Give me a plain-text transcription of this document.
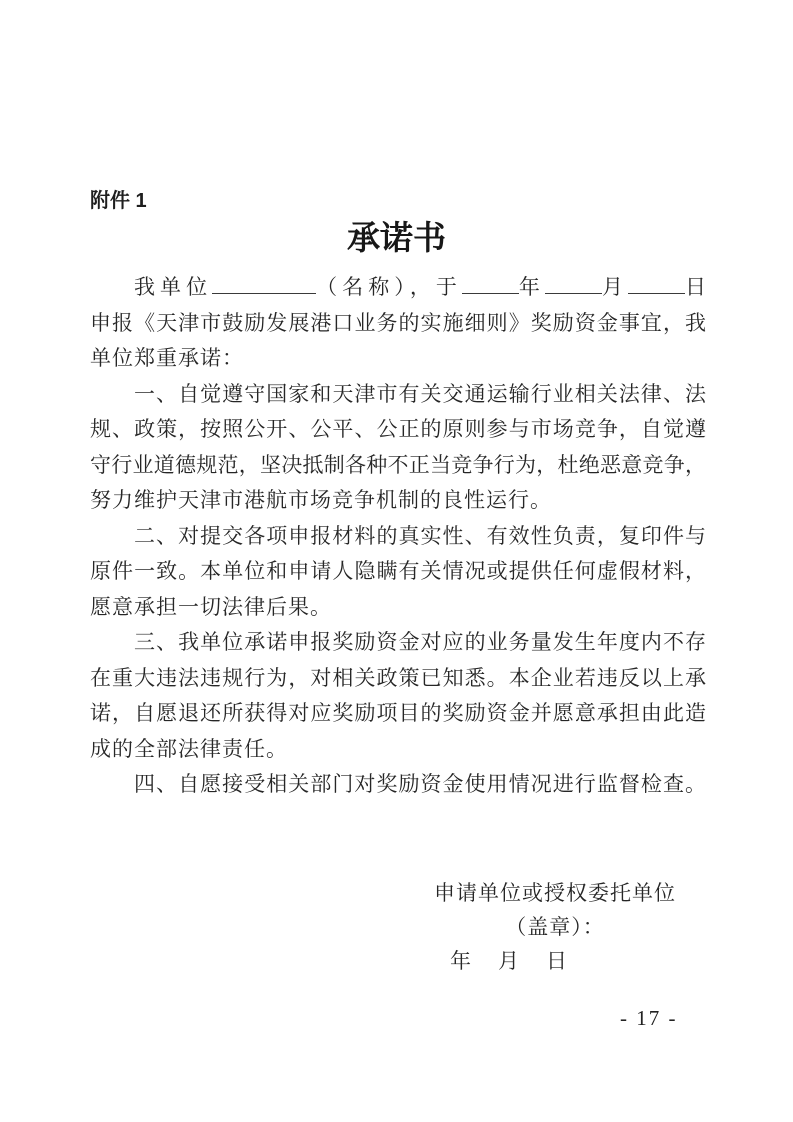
附件 1
承诺书
我单位	（名称），于	年	月	日
申报《天津市鼓励发展港口业务的实施细则》奖励资金事宜，我
单位郑重承诺：
一、自觉遵守国家和天津市有关交通运输行业相关法律、法
规、政策，按照公开、公平、公正的原则参与市场竞争，自觉遵
守行业道德规范，坚决抵制各种不正当竞争行为，杜绝恶意竞争，
努力维护天津市港航市场竞争机制的良性运行。
二、对提交各项申报材料的真实性、有效性负责，复印件与
原件一致。本单位和申请人隐瞒有关情况或提供任何虚假材料，
愿意承担一切法律后果。
三、我单位承诺申报奖励资金对应的业务量发生年度内不存
在重大违法违规行为，对相关政策已知悉。本企业若违反以上承
诺，自愿退还所获得对应奖励项目的奖励资金并愿意承担由此造
成的全部法律责任。
四、自愿接受相关部门对奖励资金使用情况进行监督检查。
申请单位或授权委托单位
（盖章）：
年 月 日
- 17 -
